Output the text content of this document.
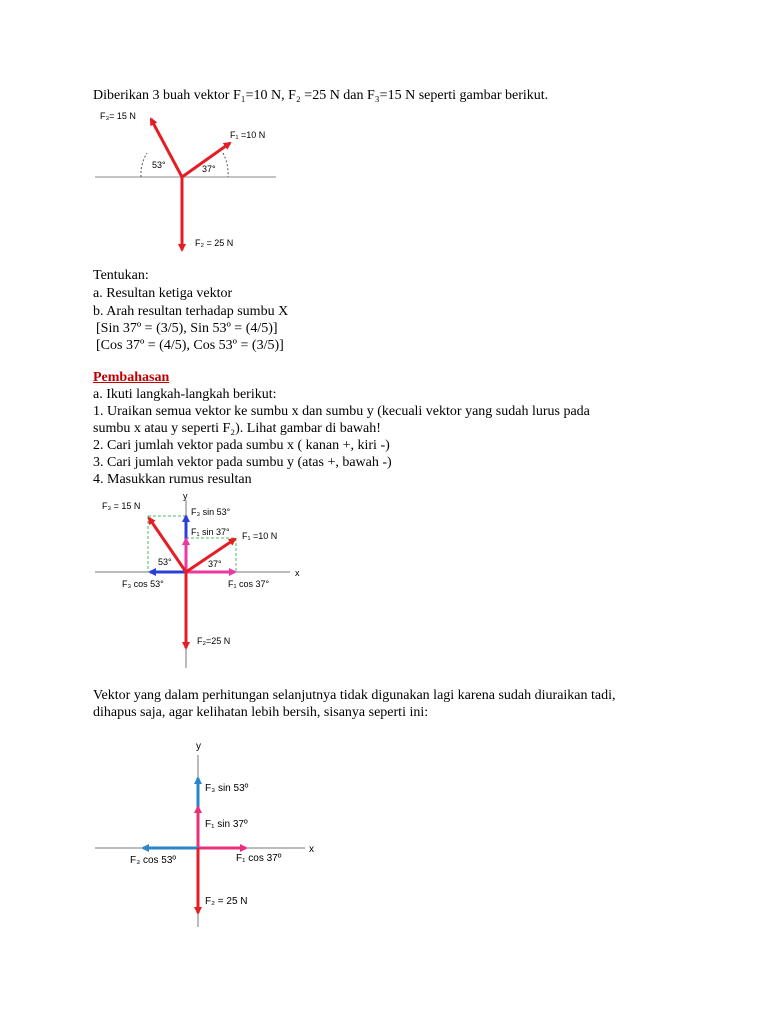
Diberikan 3 buah vektor F₁=10 N, F₂ =25 N dan F₃=15 N seperti gambar berikut.
F₃= 15 N
F₁ =10 N
F₂ = 25 N
53°	37°
Tentukan:
a. Resultan ketiga vektor
b. Arah resultan terhadap sumbu X
[Sin 37º = (3/5), Sin 53º = (4/5)]
[Cos 37º = (4/5), Cos 53º = (3/5)]
Pembahasan
a. Ikuti langkah-langkah berikut:
1. Uraikan semua vektor ke sumbu x dan sumbu y (kecuali vektor yang sudah lurus pada
sumbu x atau y seperti F₂). Lihat gambar di bawah!
2. Cari jumlah vektor pada sumbu x ( kanan +, kiri -)
3. Cari jumlah vektor pada sumbu y (atas +, bawah -)
4. Masukkan rumus resultan
y
x
F₃ = 15 N
F₃ sin 53°
F₁ sin 37° F₁ =10 N
53°	37°
F₃ cos 53°	F₁ cos 37°
F₂=25 N
Vektor yang dalam perhitungan selanjutnya tidak digunakan lagi karena sudah diuraikan tadi,
dihapus saja, agar kelihatan lebih bersih, sisanya seperti ini:
y
x
F₃ sin 53º
F₁ sin 37º
F₃ cos 53º	F₁ cos 37º
F₂ = 25 N
